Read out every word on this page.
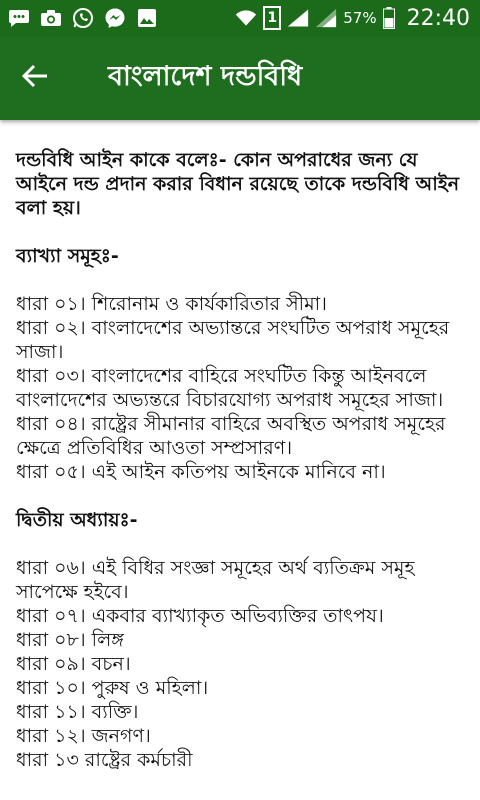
1	57% 22:40
বাংলাদেশ দন্ডবিধি

দন্ডবিধি আইন কাকে বলেঃ- কোন অপরাধের জন্য যে আইনে দন্ড প্রদান করার বিধান রয়েছে তাকে দন্ডবিধি আইন বলা হয়।

ব্যাখ্যা সমূহঃ-

ধারা ০১। শিরোনাম ও কার্যকারিতার সীমা।

ধারা ০২। বাংলাদেশের অভ্যান্তরে সংঘটিত অপরাধ সমূহের সাজা।

ধারা ০৩। বাংলাদেশের বাহিরে সংঘটিত কিন্তু আইনবলে বাংলাদেশের অভ্যন্তরে বিচারযোগ্য অপরাধ সমূহের সাজা।

ধারা ০৪। রাষ্ট্রের সীমানার বাহিরে অবস্থিত অপরাধ সমূহের ক্ষেত্রে প্রতিবিধির আওতা সম্প্রসারণ।

ধারা ০৫। এই আইন কতিপয় আইনকে মানিবে না।

দ্বিতীয় অধ্যায়ঃ-

ধারা ০৬। এই বিধির সংজ্ঞা সমূহের অর্থ ব্যতিক্রম সমূহ সাপেক্ষে হইবে।

ধারা ০৭। একবার ব্যাখ্যাকৃত অভিব্যক্তির তাৎপয।

ধারা ০৮। লিঙ্গ

ধারা ০৯। বচন।

ধারা ১০। পুরুষ ও মহিলা।

ধারা ১১। ব্যক্তি।

ধারা ১২। জনগণ।

ধারা ১৩ রাষ্ট্রের কর্মচারী
